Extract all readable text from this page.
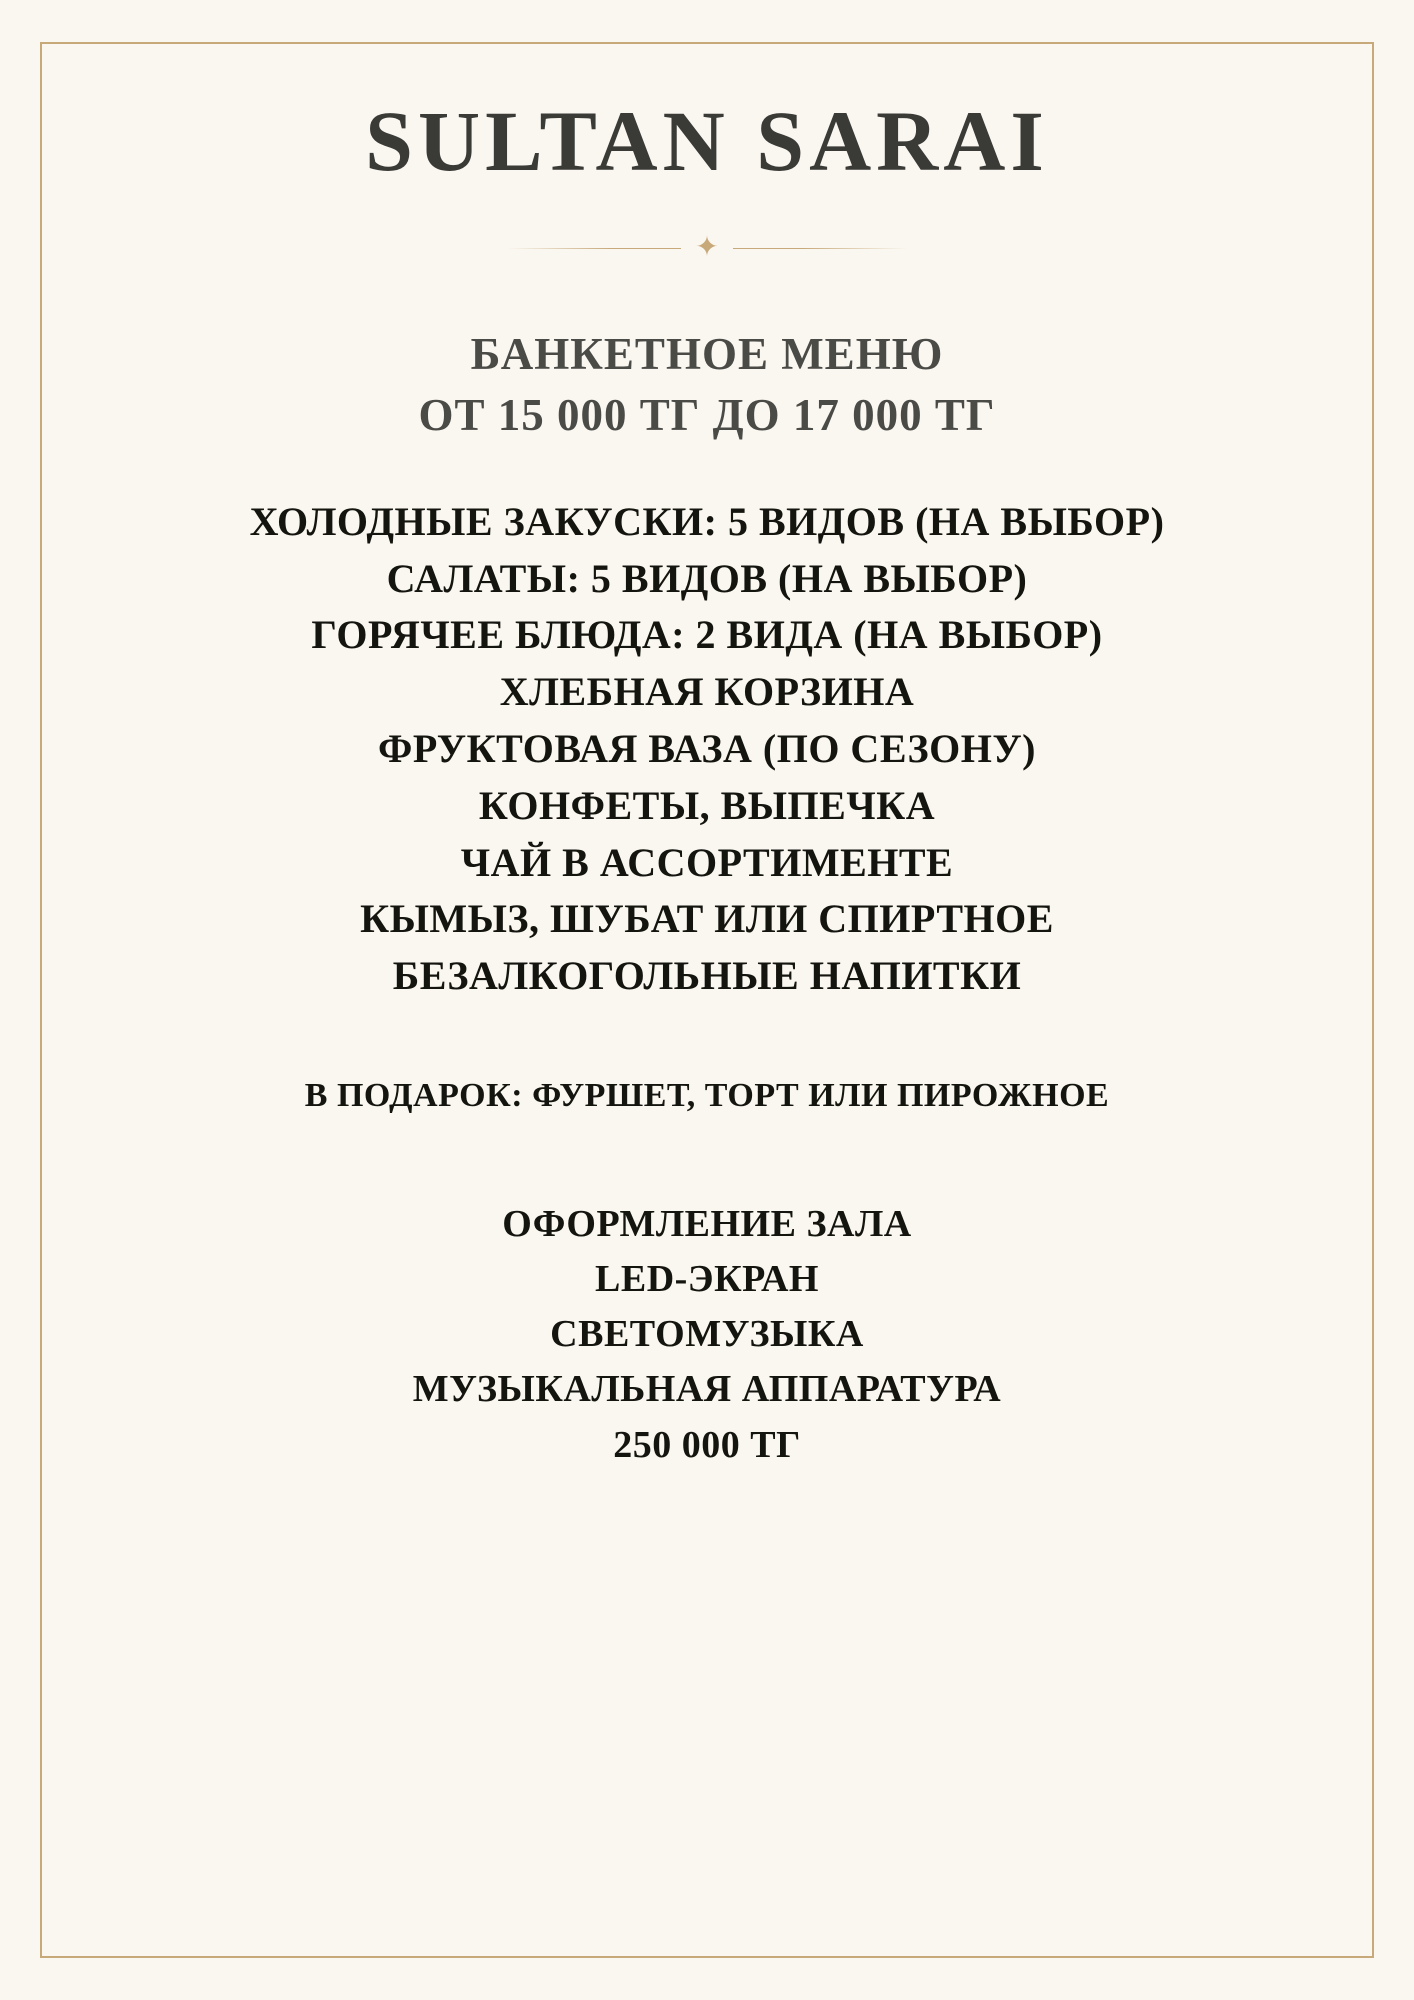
SULTAN SARAI
✦
БАНКЕТНОЕ МЕНЮ
ОТ 15 000 ТГ ДО 17 000 ТГ
ХОЛОДНЫЕ ЗАКУСКИ: 5 ВИДОВ (НА ВЫБОР)
САЛАТЫ: 5 ВИДОВ (НА ВЫБОР)
ГОРЯЧЕЕ БЛЮДА: 2 ВИДА (НА ВЫБОР)
ХЛЕБНАЯ КОРЗИНА
ФРУКТОВАЯ ВАЗА (ПО СЕЗОНУ)
КОНФЕТЫ, ВЫПЕЧКА
ЧАЙ В АССОРТИМЕНТЕ
КЫМЫЗ, ШУБАТ ИЛИ СПИРТНОЕ
БЕЗАЛКОГОЛЬНЫЕ НАПИТКИ
В ПОДАРОК: ФУРШЕТ, ТОРТ ИЛИ ПИРОЖНОЕ
ОФОРМЛЕНИЕ ЗАЛА
LED-ЭКРАН
СВЕТОМУЗЫКА
МУЗЫКАЛЬНАЯ АППАРАТУРА
250 000 ТГ
